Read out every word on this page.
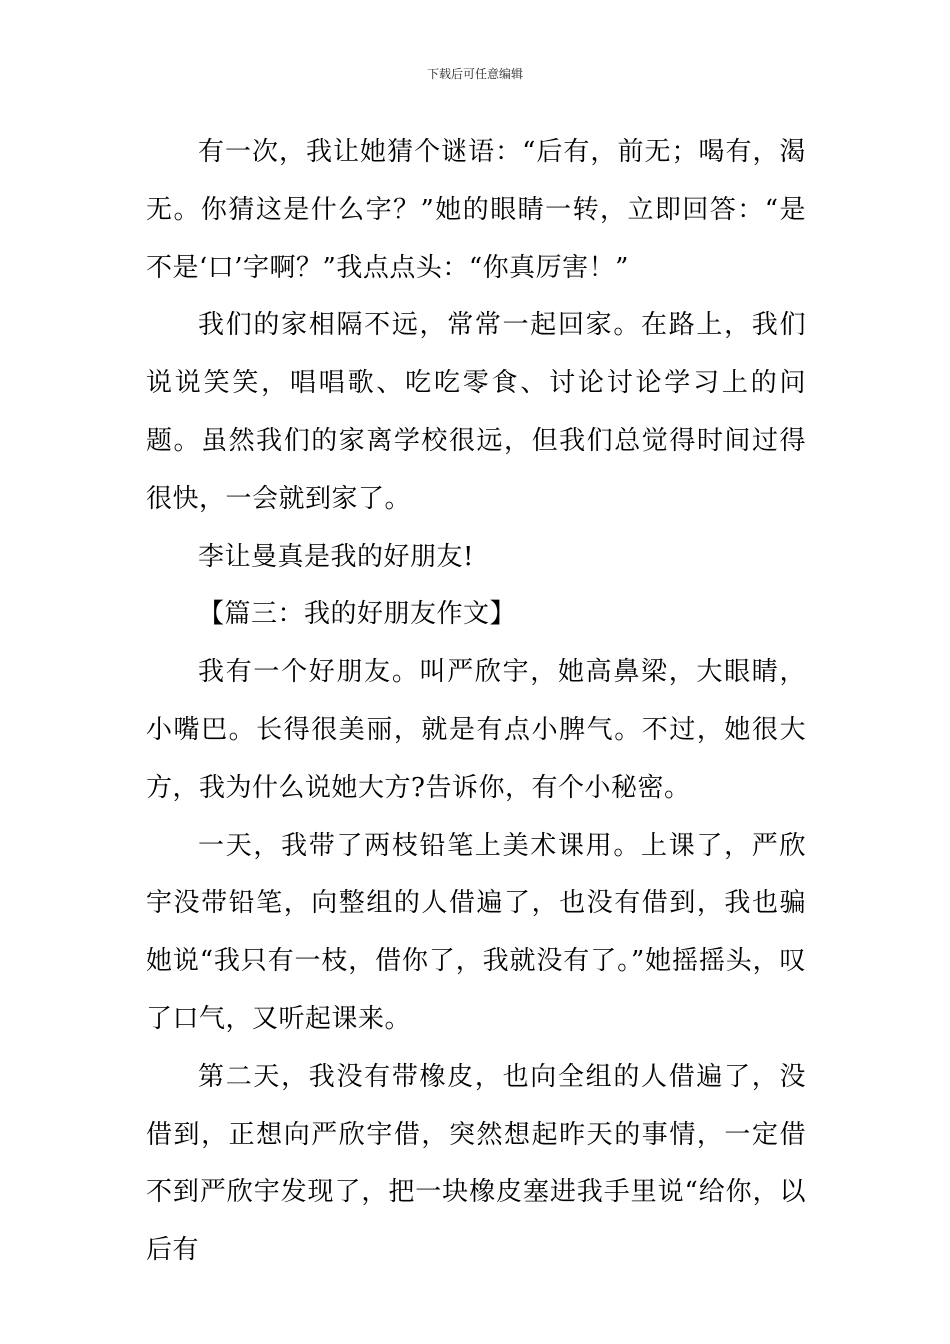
下载后可任意编辑

有一次，我让她猜个谜语：“后有，前无；喝有，渴无。你猜这是什么字？”她的眼睛一转，立即回答：“是不是‘口’字啊？”我点点头：“你真厉害！”

我们的家相隔不远，常常一起回家。在路上，我们说说笑笑，唱唱歌、吃吃零食、讨论讨论学习上的问题。虽然我们的家离学校很远，但我们总觉得时间过得很快，一会就到家了。

李让曼真是我的好朋友!

【篇三：我的好朋友作文】

我有一个好朋友。叫严欣宇，她高鼻梁，大眼睛，小嘴巴。长得很美丽，就是有点小脾气。不过，她很大方，我为什么说她大方?告诉你，有个小秘密。

一天，我带了两枝铅笔上美术课用。上课了，严欣宇没带铅笔，向整组的人借遍了，也没有借到，我也骗她说“我只有一枝，借你了，我就没有了。”她摇摇头，叹了口气，又听起课来。

第二天，我没有带橡皮，也向全组的人借遍了，没借到，正想向严欣宇借，突然想起昨天的事情，一定借不到严欣宇发现了，把一块橡皮塞进我手里说“给你，以后有
